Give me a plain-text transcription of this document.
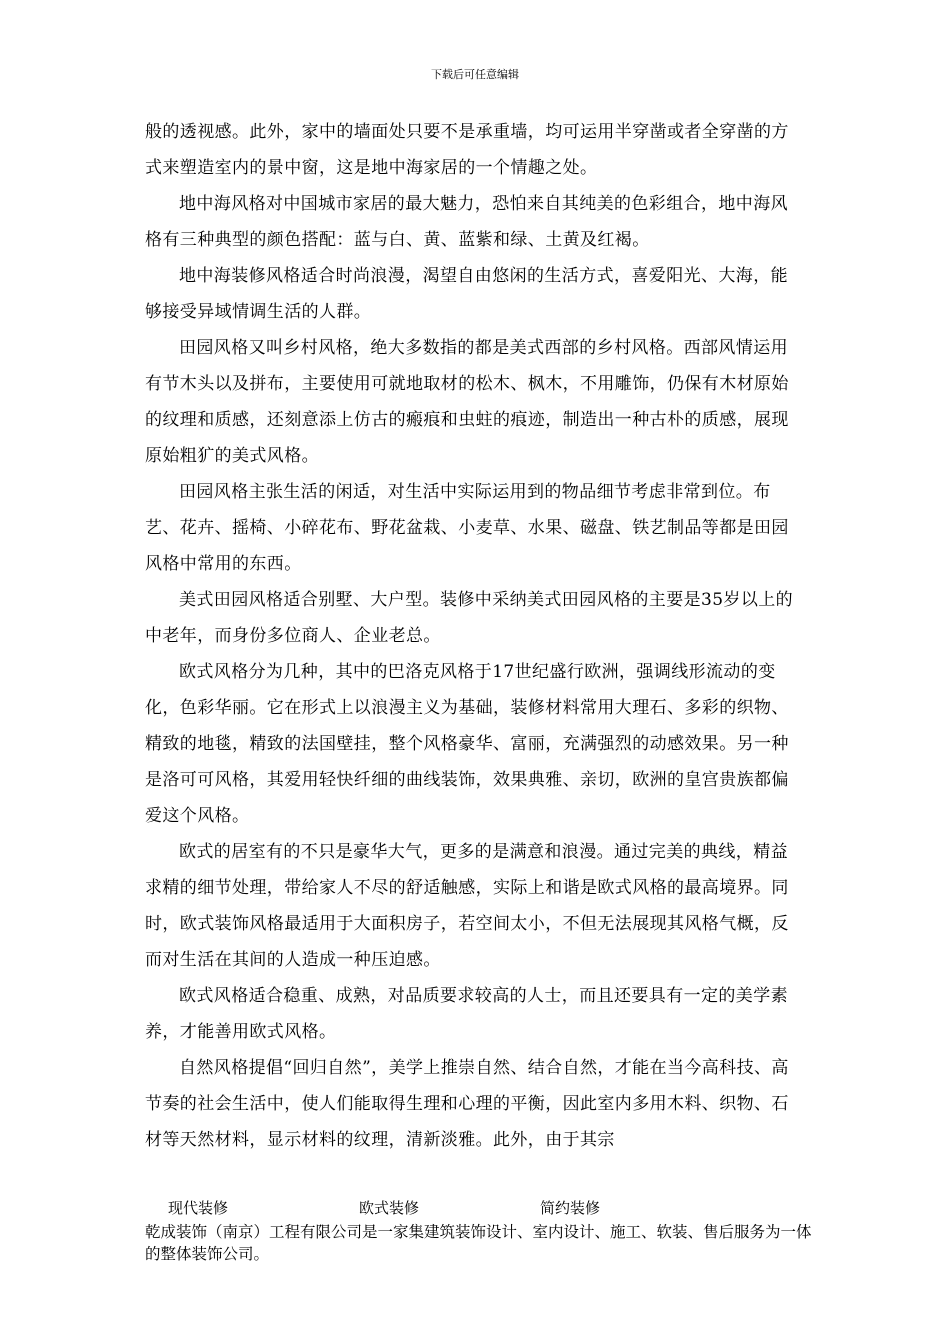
下载后可任意编辑

般的透视感。此外，家中的墙面处只要不是承重墙，均可运用半穿凿或者全穿凿的方式来塑造室内的景中窗，这是地中海家居的一个情趣之处。

地中海风格对中国城市家居的最大魅力，恐怕来自其纯美的色彩组合，地中海风格有三种典型的颜色搭配：蓝与白、黄、蓝紫和绿、土黄及红褐。

地中海装修风格适合时尚浪漫，渴望自由悠闲的生活方式，喜爱阳光、大海，能够接受异域情调生活的人群。

田园风格又叫乡村风格，绝大多数指的都是美式西部的乡村风格。西部风情运用有节木头以及拼布，主要使用可就地取材的松木、枫木，不用雕饰，仍保有木材原始的纹理和质感，还刻意添上仿古的瘢痕和虫蛀的痕迹，制造出一种古朴的质感，展现原始粗犷的美式风格。

田园风格主张生活的闲适，对生活中实际运用到的物品细节考虑非常到位。布艺、花卉、摇椅、小碎花布、野花盆栽、小麦草、水果、磁盘、铁艺制品等都是田园风格中常用的东西。

美式田园风格适合别墅、大户型。装修中采纳美式田园风格的主要是35岁以上的中老年，而身份多位商人、企业老总。

欧式风格分为几种，其中的巴洛克风格于17世纪盛行欧洲，强调线形流动的变化，色彩华丽。它在形式上以浪漫主义为基础，装修材料常用大理石、多彩的织物、精致的地毯，精致的法国壁挂，整个风格豪华、富丽，充满强烈的动感效果。另一种是洛可可风格，其爱用轻快纤细的曲线装饰，效果典雅、亲切，欧洲的皇宫贵族都偏爱这个风格。

欧式的居室有的不只是豪华大气，更多的是满意和浪漫。通过完美的典线，精益求精的细节处理，带给家人不尽的舒适触感，实际上和谐是欧式风格的最高境界。同时，欧式装饰风格最适用于大面积房子，若空间太小，不但无法展现其风格气概，反而对生活在其间的人造成一种压迫感。

欧式风格适合稳重、成熟，对品质要求较高的人士，而且还要具有一定的美学素养，才能善用欧式风格。

自然风格提倡“回归自然”，美学上推崇自然、结合自然，才能在当今高科技、高节奏的社会生活中，使人们能取得生理和心理的平衡，因此室内多用木料、织物、石材等天然材料，显示材料的纹理，清新淡雅。此外，由于其宗

现代装修	欧式装修	简约装修
乾成装饰（南京）工程有限公司是一家集建筑装饰设计、室内设计、施工、软装、售后服务为一体的整体装饰公司。
